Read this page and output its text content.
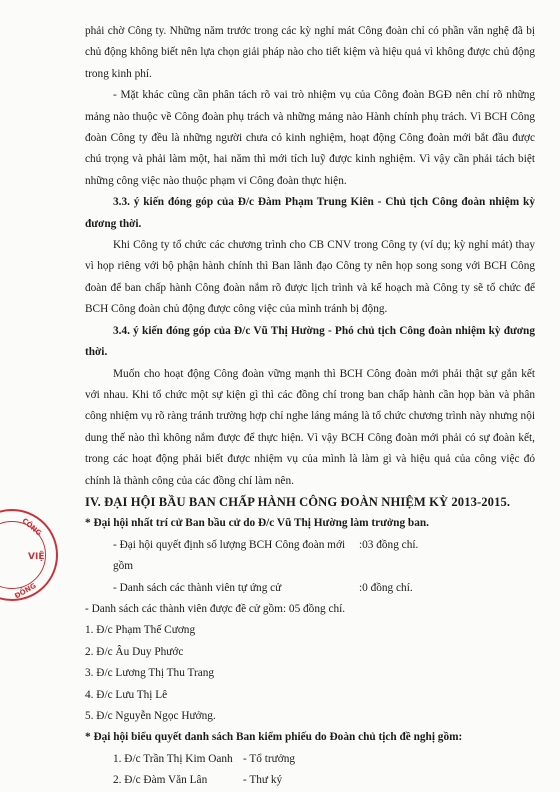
CÔNG
VIỆ
ĐỒNG

phải chờ Công ty. Những năm trước trong các kỳ nghỉ mát Công đoàn chỉ có phần văn nghệ đã bị chủ động không biết nên lựa chọn giải pháp nào cho tiết kiệm và hiệu quả vì không được chủ động trong kinh phí.

- Mặt khác cũng cần phân tách rõ vai trò nhiệm vụ của Công đoàn BGĐ nên chỉ rõ những mảng nào thuộc về Công đoàn phụ trách và những mảng nào Hành chính phụ trách. Vì BCH Công đoàn Công ty đều là những người chưa có kinh nghiệm, hoạt động Công đoàn mới bắt đầu được chú trọng và phải làm một, hai năm thì mới tích luỹ được kinh nghiệm. Vì vậy cần phải tách biệt những công việc nào thuộc phạm vi Công đoàn thực hiện.

3.3. ý kiến đóng góp của Đ/c Đàm Phạm Trung Kiên - Chủ tịch Công đoàn nhiệm kỳ đương thời.

Khi Công ty tổ chức các chương trình cho CB CNV trong Công ty (ví dụ; kỳ nghỉ mát) thay vì họp riêng với bộ phận hành chính thì Ban lãnh đạo Công ty nên họp song song với BCH Công đoàn để ban chấp hành Công đoàn nắm rõ được lịch trình và kế hoạch mà Công ty sẽ tổ chức để BCH Công đoàn chủ động được công việc của mình tránh bị động.

3.4. ý kiến đóng góp của Đ/c Vũ Thị Hường - Phó chủ tịch Công đoàn nhiệm kỳ đương thời.

Muốn cho hoạt động Công đoàn vững mạnh thì BCH Công đoàn mới phải thật sự gắn kết với nhau. Khi tổ chức một sự kiện gì thì các đồng chí trong ban chấp hành cần họp bàn và phân công nhiệm vụ rõ ràng tránh trường hợp chỉ nghe láng máng là tổ chức chương trình này nhưng nội dung thế nào thì không nắm được để thực hiện. Vì vậy BCH Công đoàn mới phải có sự đoàn kết, trong các hoạt động phải biết được nhiệm vụ của mình là làm gì và hiệu quả của công việc đó chính là thành công của các đồng chí làm nên.

IV. ĐẠI HỘI BẦU BAN CHẤP HÀNH CÔNG ĐOÀN NHIỆM KỲ 2013-2015.

* Đại hội nhất trí cử Ban bầu cử do Đ/c Vũ Thị Hường làm trưởng ban.

- Đại hội quyết định số lượng BCH Công đoàn mới gồm
:03 đồng chí.
- Danh sách các thành viên tự ứng cử	:0 đồng chí.

- Danh sách các thành viên được đề cử gồm: 05 đồng chí.

1. Đ/c Phạm Thế Cương

2. Đ/c Âu Duy Phước

3. Đ/c Lương Thị Thu Trang

4. Đ/c Lưu Thị Lê

5. Đ/c Nguyễn Ngọc Hưởng.

* Đại hội biểu quyết danh sách Ban kiểm phiếu do Đoàn chủ tịch đề nghị gồm:

1. Đ/c Trần Thị Kim Oanh - Tổ trưởng
2. Đ/c Đàm Văn Lân	- Thư ký
